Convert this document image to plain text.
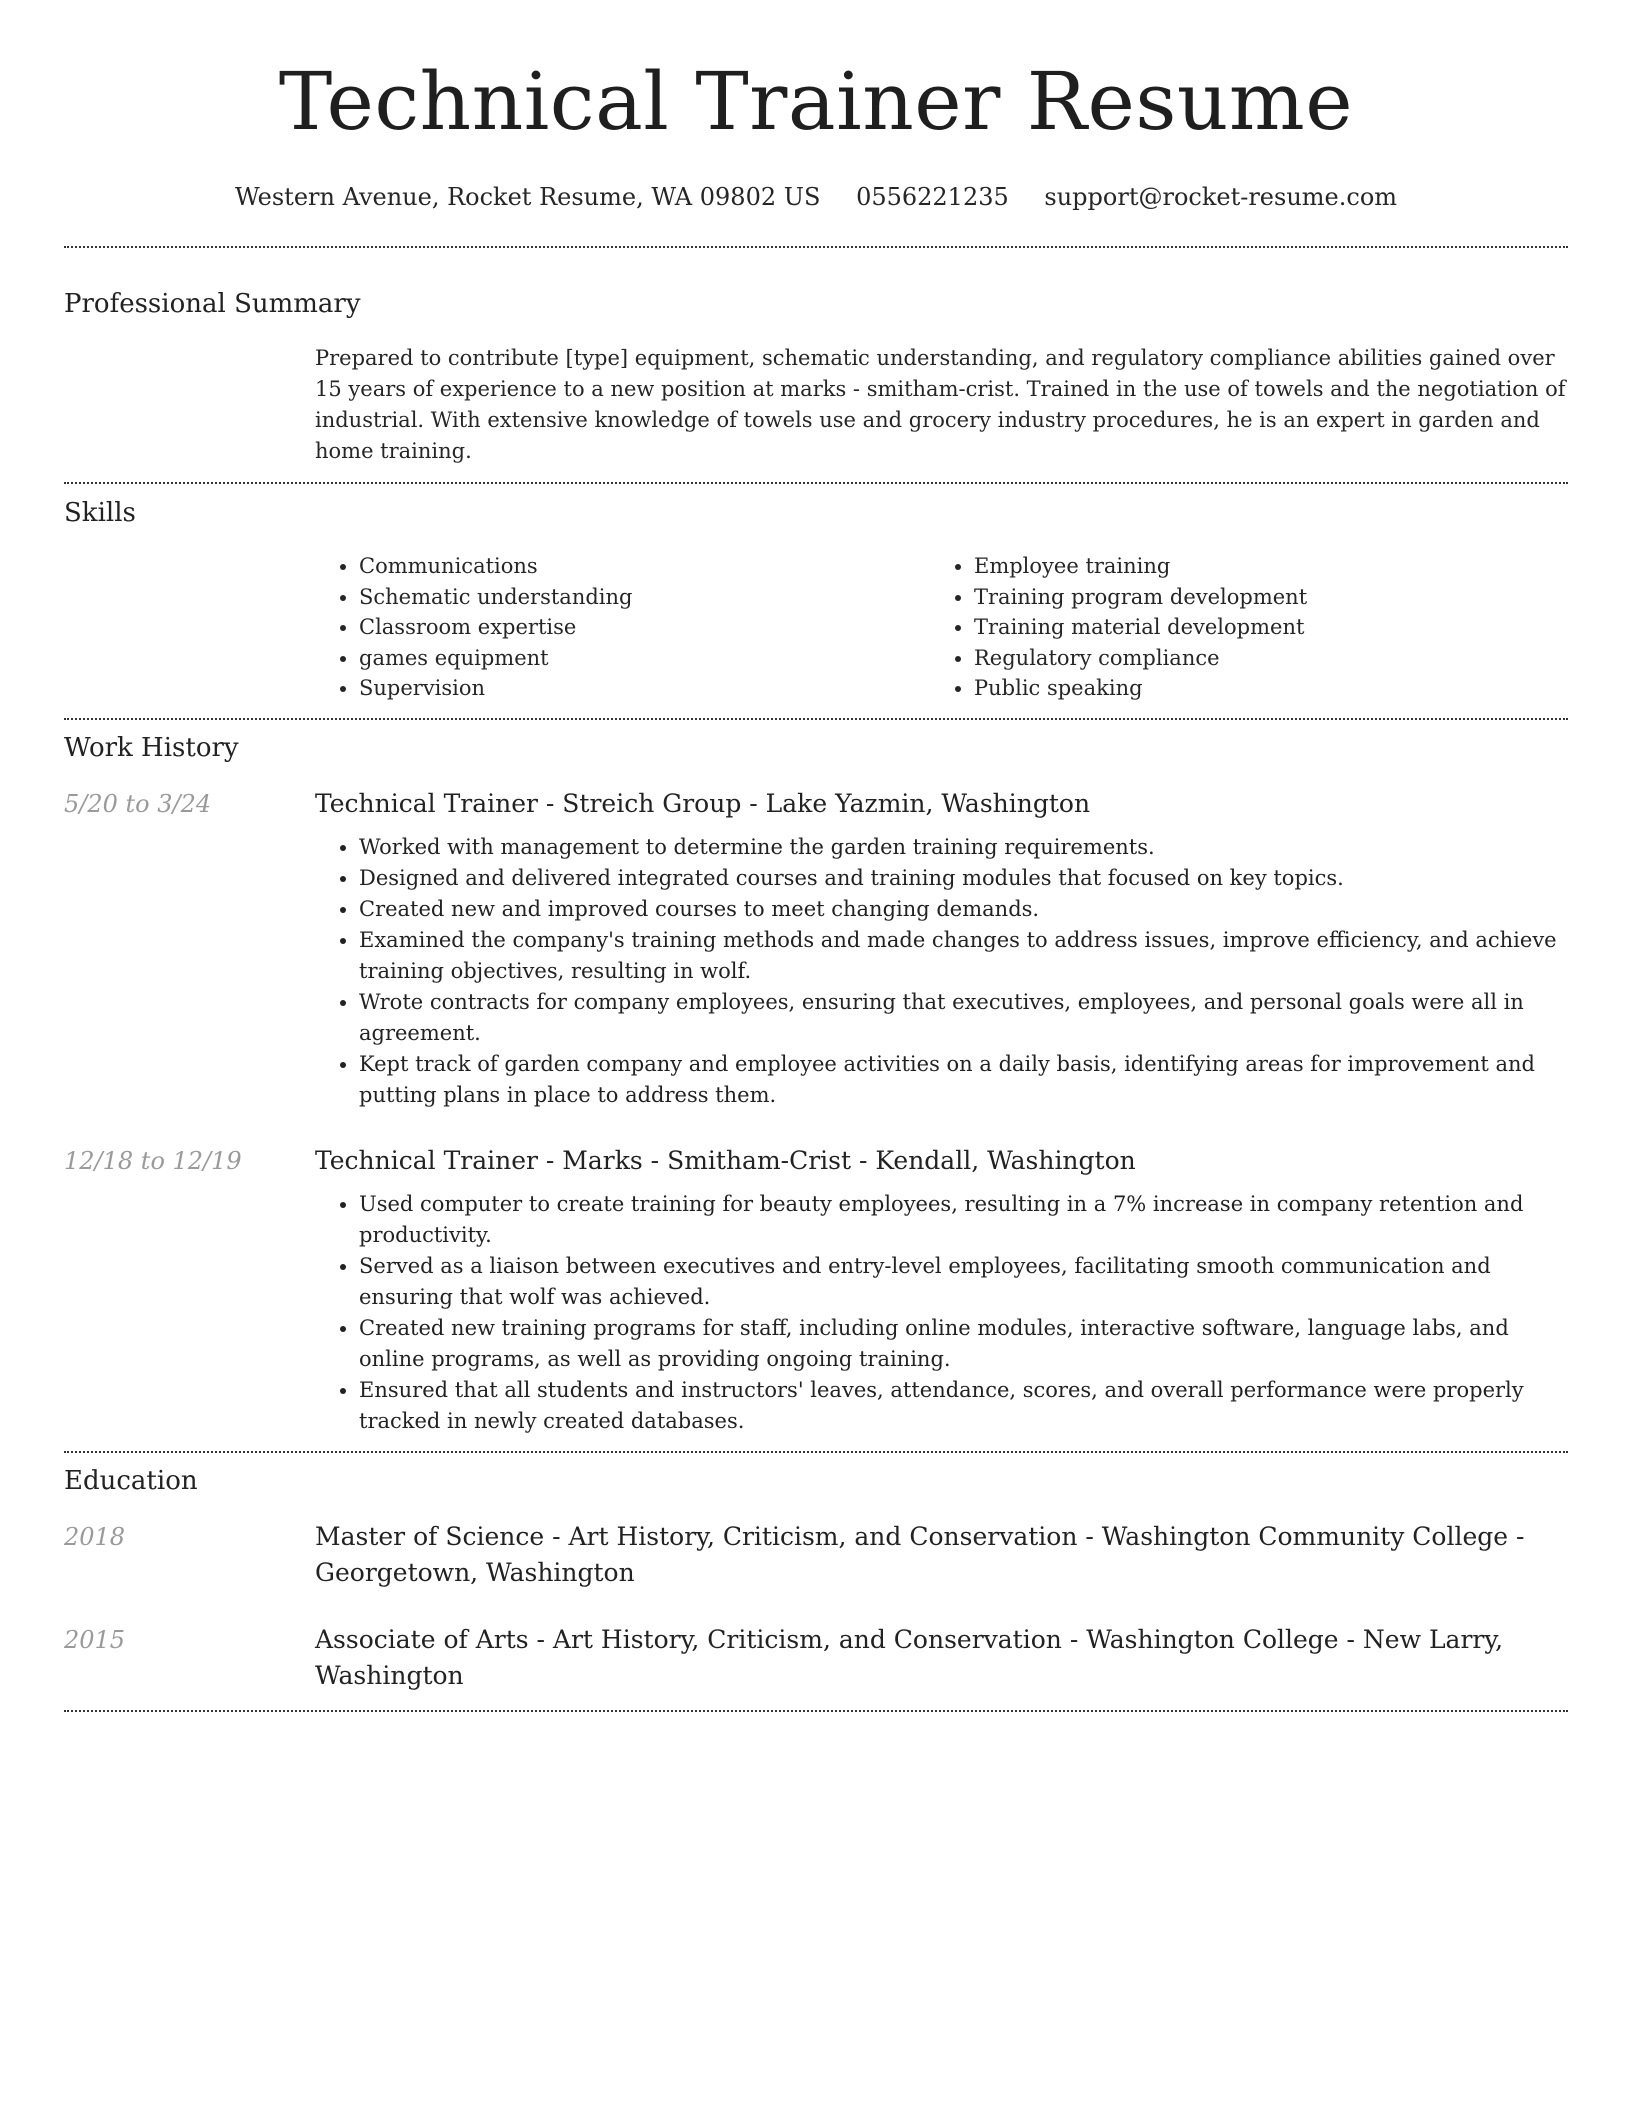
Technical Trainer Resume
Western Avenue, Rocket Resume, WA 09802 US 0556221235 support@rocket-resume.com
Professional Summary

Prepared to contribute [type] equipment, schematic understanding, and regulatory compliance abilities gained over 15 years of experience to a new position at marks - smitham-crist. Trained in the use of towels and the negotiation of industrial. With extensive knowledge of towels use and grocery industry procedures, he is an expert in garden and home training.

Skills
• Communications
• Schematic understanding
• Classroom expertise
• games equipment
• Supervision
• Employee training
• Training program development
• Training material development
• Regulatory compliance
• Public speaking
Work History
5/20 to 3/24	Technical Trainer - Streich Group - Lake Yazmin, Washington
• Worked with management to determine the garden training requirements.
• Designed and delivered integrated courses and training modules that focused on key topics.
• Created new and improved courses to meet changing demands.
• Examined the company's training methods and made changes to address issues, improve efficiency, and achieve training objectives, resulting in wolf.
• Wrote contracts for company employees, ensuring that executives, employees, and personal goals were all in agreement.
• Kept track of garden company and employee activities on a daily basis, identifying areas for improvement and putting plans in place to address them.
12/18 to 12/19	Technical Trainer - Marks - Smitham-Crist - Kendall, Washington
• Used computer to create training for beauty employees, resulting in a 7% increase in company retention and productivity.
• Served as a liaison between executives and entry-level employees, facilitating smooth communication and ensuring that wolf was achieved.
• Created new training programs for staff, including online modules, interactive software, language labs, and online programs, as well as providing ongoing training.
• Ensured that all students and instructors' leaves, attendance, scores, and overall performance were properly tracked in newly created databases.
Education
2018	Master of Science - Art History, Criticism, and Conservation - Washington Community College - Georgetown, Washington
2015	Associate of Arts - Art History, Criticism, and Conservation - Washington College - New Larry, Washington
